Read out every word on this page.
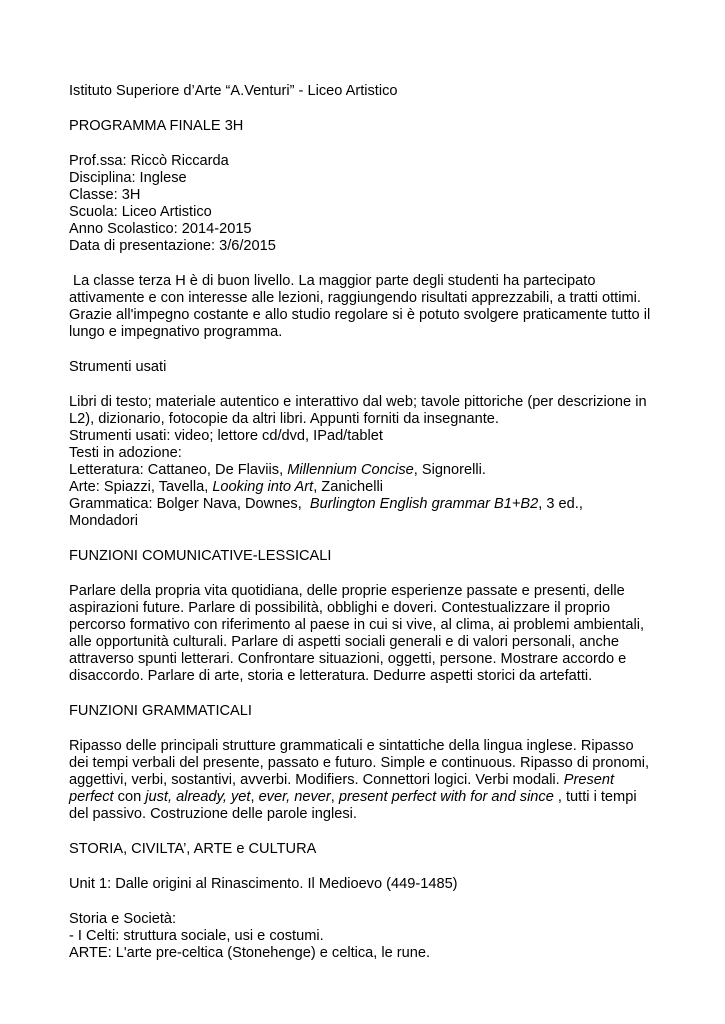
Istituto Superiore d’Arte “A.Venturi” - Liceo Artistico

PROGRAMMA FINALE 3H

Prof.ssa: Riccò Riccarda

Disciplina: Inglese

Classe: 3H

Scuola: Liceo Artistico

Anno Scolastico: 2014-2015

Data di presentazione: 3/6/2015

La classe terza H è di buon livello. La maggior parte degli studenti ha partecipato

attivamente e con interesse alle lezioni, raggiungendo risultati apprezzabili, a tratti ottimi.

Grazie all'impegno costante e allo studio regolare si è potuto svolgere praticamente tutto il

lungo e impegnativo programma.

Strumenti usati

Libri di testo; materiale autentico e interattivo dal web; tavole pittoriche (per descrizione in

L2), dizionario, fotocopie da altri libri. Appunti forniti da insegnante.

Strumenti usati: video; lettore cd/dvd, IPad/tablet

Testi in adozione:

Letteratura: Cattaneo, De Flaviis, Millennium Concise, Signorelli.

Arte: Spiazzi, Tavella, Looking into Art, Zanichelli

Grammatica: Bolger Nava, Downes,  Burlington English grammar B1+B2, 3 ed.,

Mondadori

FUNZIONI COMUNICATIVE-LESSICALI

Parlare della propria vita quotidiana, delle proprie esperienze passate e presenti, delle

aspirazioni future. Parlare di possibilità, obblighi e doveri. Contestualizzare il proprio

percorso formativo con riferimento al paese in cui si vive, al clima, ai problemi ambientali,

alle opportunità culturali. Parlare di aspetti sociali generali e di valori personali, anche

attraverso spunti letterari. Confrontare situazioni, oggetti, persone. Mostrare accordo e

disaccordo. Parlare di arte, storia e letteratura. Dedurre aspetti storici da artefatti.

FUNZIONI GRAMMATICALI

Ripasso delle principali strutture grammaticali e sintattiche della lingua inglese. Ripasso

dei tempi verbali del presente, passato e futuro. Simple e continuous. Ripasso di pronomi,

aggettivi, verbi, sostantivi, avverbi. Modifiers. Connettori logici. Verbi modali. Present

perfect con just, already, yet, ever, never, present perfect with for and since , tutti i tempi

del passivo. Costruzione delle parole inglesi.

STORIA, CIVILTA’, ARTE e CULTURA

Unit 1: Dalle origini al Rinascimento. Il Medioevo (449-1485)

Storia e Società:

- I Celti: struttura sociale, usi e costumi.

ARTE: L'arte pre-celtica (Stonehenge) e celtica, le rune.
